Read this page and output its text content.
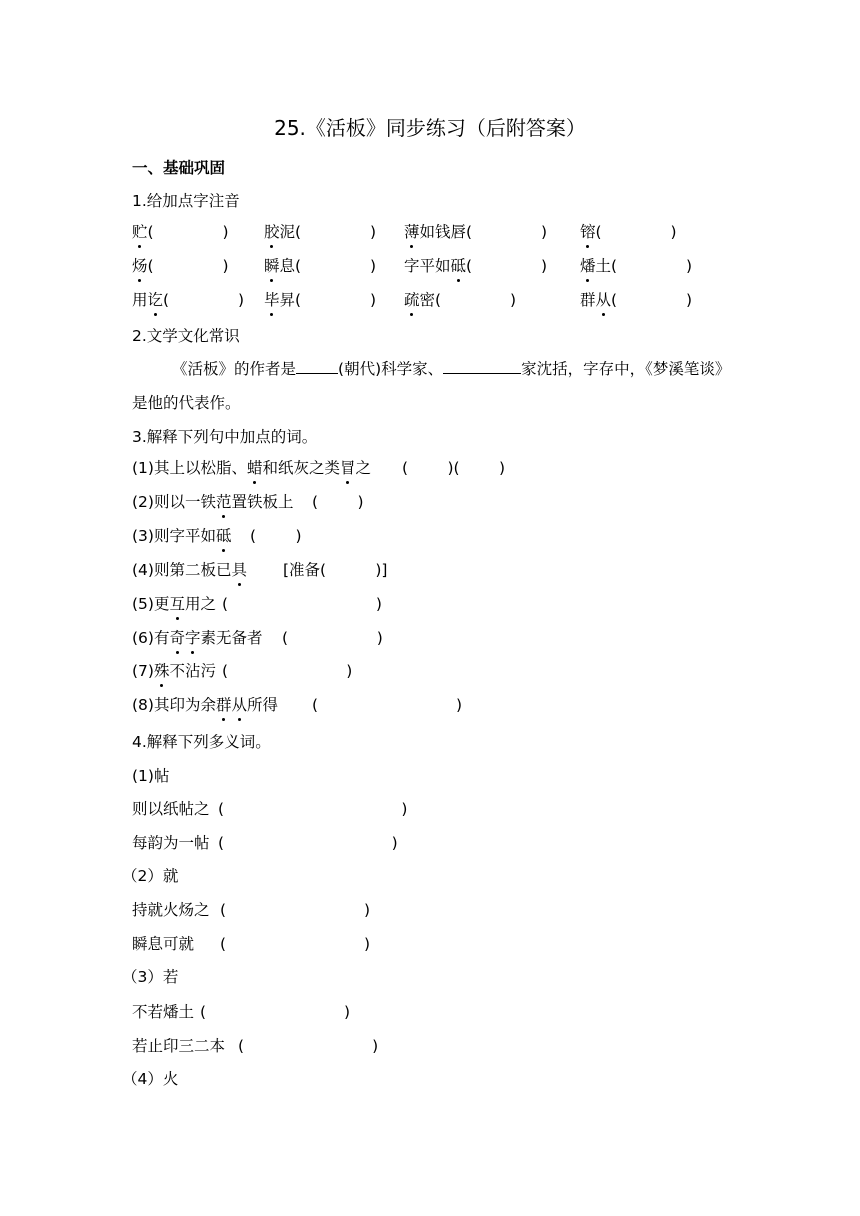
25.《活板》同步练习（后附答案）
一、基础巩固
1.给加点字注音
贮(              ) 胶泥(              ) 薄如钱唇(              ) 镕(              )
炀(              ) 瞬息(              ) 字平如砥(              ) 燔土(              )
用讫(              ) 毕昇(              ) 疏密(              )	群从(              )
2.文学文化常识
《活板》的作者是	(朝代)科学家、	家沈括，字存中，《梦溪笔谈》是他的代表作。
3.解释下列句中加点的词。
(1)其上以松脂、蜡和纸灰之类冒之 (        )(        )
(2)则以一铁范置铁板上 (        )
(3)则字平如砥 (        )
(4)则第二板已具 [准备(          )]
(5)更互用之 (                              )
(6)有奇字素无备者 (                  )
(7)殊不沾污 (                        )
(8)其印为余群从所得 (                            )
4.解释下列多义词。
(1)帖
则以纸帖之 (                                    )
每韵为一帖 (                                  )
（2）就
持就火炀之 (                            )
瞬息可就 (                            )
（3）若
不若燔土 (                            )
若止印三二本 (                          )
（4）火
